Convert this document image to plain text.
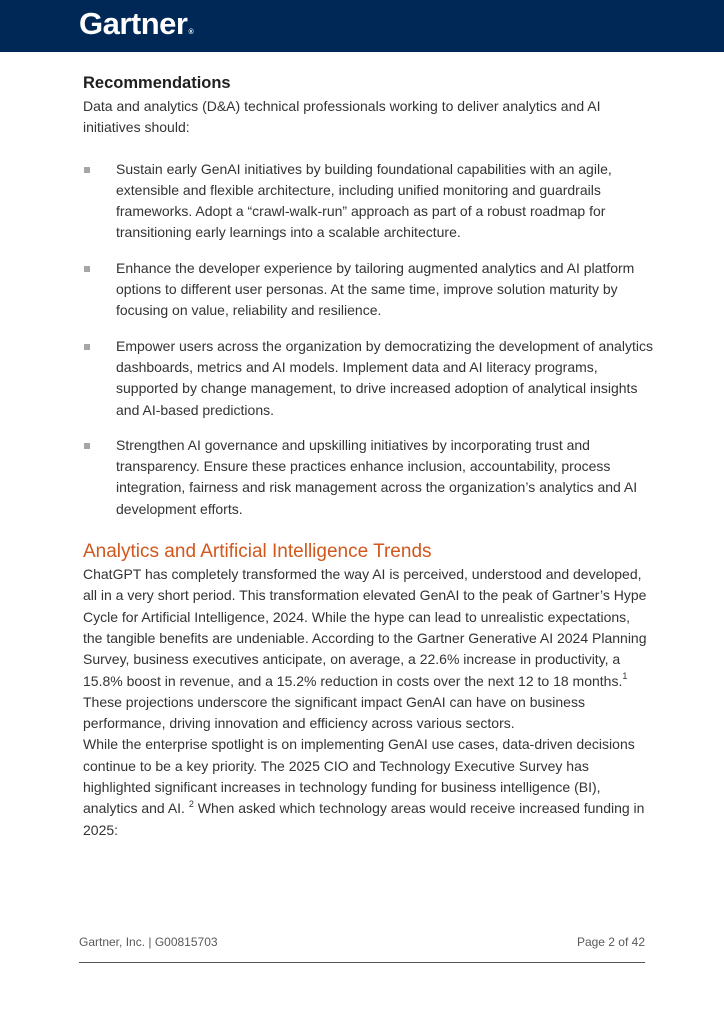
Gartner®
Recommendations

Data and analytics (D&A) technical professionals working to deliver analytics and AI initiatives should:

Sustain early GenAI initiatives by building foundational capabilities with an agile, extensible and flexible architecture, including unified monitoring and guardrails frameworks. Adopt a “crawl-walk-run” approach as part of a robust roadmap for transitioning early learnings into a scalable architecture.
Enhance the developer experience by tailoring augmented analytics and AI platform options to different user personas. At the same time, improve solution maturity by focusing on value, reliability and resilience.
Empower users across the organization by democratizing the development of analytics dashboards, metrics and AI models. Implement data and AI literacy programs, supported by change management, to drive increased adoption of analytical insights and AI-based predictions.
Strengthen AI governance and upskilling initiatives by incorporating trust and transparency. Ensure these practices enhance inclusion, accountability, process integration, fairness and risk management across the organization’s analytics and AI development efforts.
Analytics and Artificial Intelligence Trends

ChatGPT has completely transformed the way AI is perceived, understood and developed, all in a very short period. This transformation elevated GenAI to the peak of Gartner’s Hype Cycle for Artificial Intelligence, 2024. While the hype can lead to unrealistic expectations, the tangible benefits are undeniable. According to the Gartner Generative AI 2024 Planning Survey, business executives anticipate, on average, a 22.6% increase in productivity, a 15.8% boost in revenue, and a 15.2% reduction in costs over the next 12 to 18 months.$^1$ These projections underscore the significant impact GenAI can have on business performance, driving innovation and efficiency across various sectors.

While the enterprise spotlight is on implementing GenAI use cases, data-driven decisions continue to be a key priority. The 2025 CIO and Technology Executive Survey has highlighted significant increases in technology funding for business intelligence (BI), analytics and AI. $^2$ When asked which technology areas would receive increased funding in 2025:

Gartner, Inc. | G00815703	Page 2 of 42
